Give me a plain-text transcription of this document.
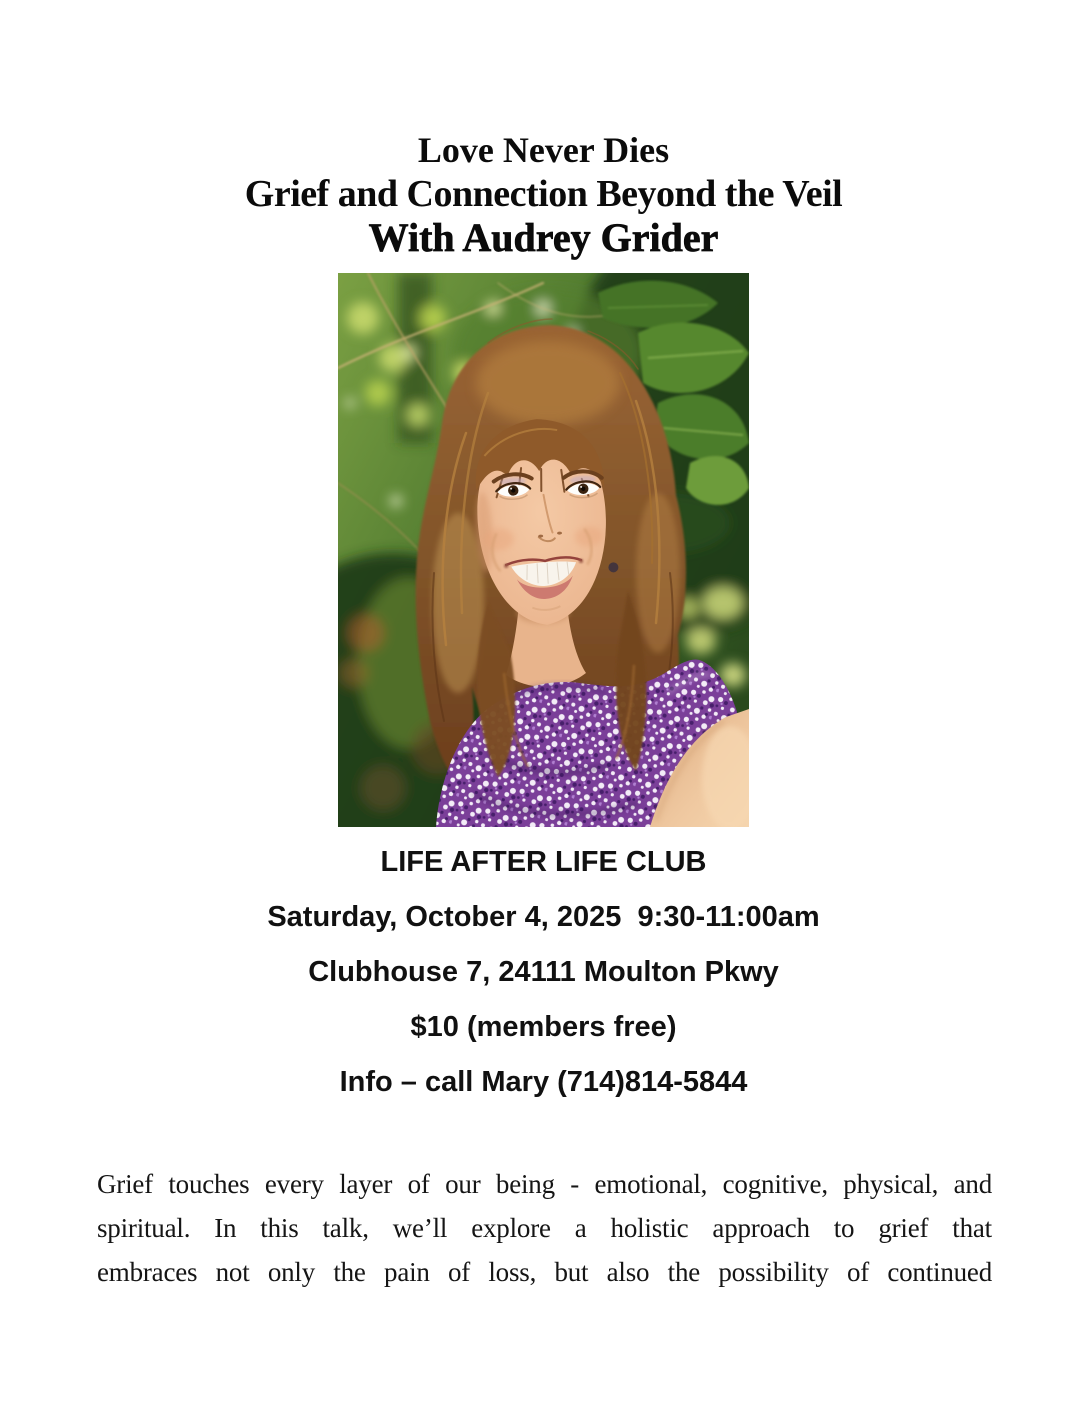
Love Never Dies
Grief and Connection Beyond the Veil
With Audrey Grider
LIFE AFTER LIFE CLUB
Saturday, October 4, 2025  9:30-11:00am
Clubhouse 7, 24111 Moulton Pkwy
$10 (members free)
Info – call Mary (714)814-5844
Grief touches every layer of our being - emotional, cognitive, physical, and
spiritual. In this talk, we’ll explore a holistic approach to grief that
embraces not only the pain of loss, but also the possibility of continued
